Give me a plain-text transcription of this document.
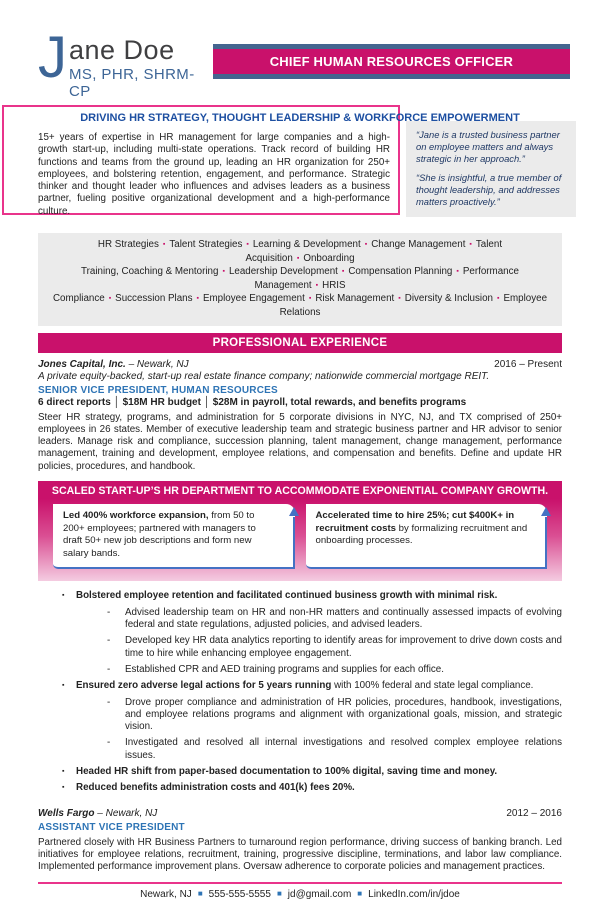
J ane Doe
MS, PHR, SHRM-CP
CHIEF HUMAN RESOURCES OFFICER
DRIVING HR STRATEGY, THOUGHT LEADERSHIP & WORKFORCE EMPOWERMENT
15+ years of expertise in HR management for large companies and a high-growth start-up, including multi-state operations. Track record of building HR functions and teams from the ground up, leading an HR organization for 250+ employees, and bolstering retention, engagement, and performance. Strategic thinker and thought leader who influences and advises leaders as a business partner, fueling positive organizational development and a high-performance culture.

“Jane is a trusted business partner on employee matters and always strategic in her approach.”

“She is insightful, a true member of thought leadership, and addresses matters proactively.”

HR Strategies ▪ Talent Strategies ▪ Learning & Development ▪ Change Management ▪ Talent Acquisition ▪ Onboarding
Training, Coaching & Mentoring ▪ Leadership Development ▪ Compensation Planning ▪ Performance Management ▪ HRIS
Compliance ▪ Succession Plans ▪ Employee Engagement ▪ Risk Management ▪ Diversity & Inclusion ▪ Employee Relations
PROFESSIONAL EXPERIENCE
Jones Capital, Inc. – Newark, NJ	2016 – Present
A private equity-backed, start-up real estate finance company; nationwide commercial mortgage REIT.
SENIOR VICE PRESIDENT, HUMAN RESOURCES
6 direct reports │ $18M HR budget │ $28M in payroll, total rewards, and benefits programs
Steer HR strategy, programs, and administration for 5 corporate divisions in NYC, NJ, and TX comprised of 250+ employees in 26 states. Member of executive leadership team and strategic business partner and HR advisor to senior leaders. Manage risk and compliance, succession planning, talent management, change management, performance management, training and development, employee relations, and compensation and benefits. Define and update HR policies, procedures, and handbook.
SCALED START-UP’S HR DEPARTMENT TO ACCOMMODATE EXPONENTIAL COMPANY GROWTH.
Led 400% workforce expansion, from 50 to 200+ employees; partnered with managers to draft 50+ new job descriptions and form new salary bands.
Accelerated time to hire 25%; cut $400K+ in recruitment costs by formalizing recruitment and onboarding processes.
▪	Bolstered employee retention and facilitated continued business growth with minimal risk.
-	Advised leadership team on HR and non-HR matters and continually assessed impacts of evolving federal and state regulations, adjusted policies, and advised leaders.
-	Developed key HR data analytics reporting to identify areas for improvement to drive down costs and time to hire while enhancing employee engagement.
-	Established CPR and AED training programs and supplies for each office.
▪	Ensured zero adverse legal actions for 5 years running with 100% federal and state legal compliance.
-	Drove proper compliance and administration of HR policies, procedures, handbook, investigations, and employee relations programs and alignment with organizational goals, mission, and strategic vision.
-	Investigated and resolved all internal investigations and resolved complex employee relations issues.
▪	Headed HR shift from paper-based documentation to 100% digital, saving time and money.
▪	Reduced benefits administration costs and 401(k) fees 20%.
Wells Fargo – Newark, NJ	2012 – 2016
ASSISTANT VICE PRESIDENT
Partnered closely with HR Business Partners to turnaround region performance, driving success of banking branch. Led initiatives for employee relations, recruitment, training, progressive discipline, terminations, and labor law compliance. Implemented performance improvement plans. Oversaw adherence to corporate policies and management practices.
Newark, NJ ■ 555-555-5555 ■ jd@gmail.com ■ LinkedIn.com/in/jdoe
